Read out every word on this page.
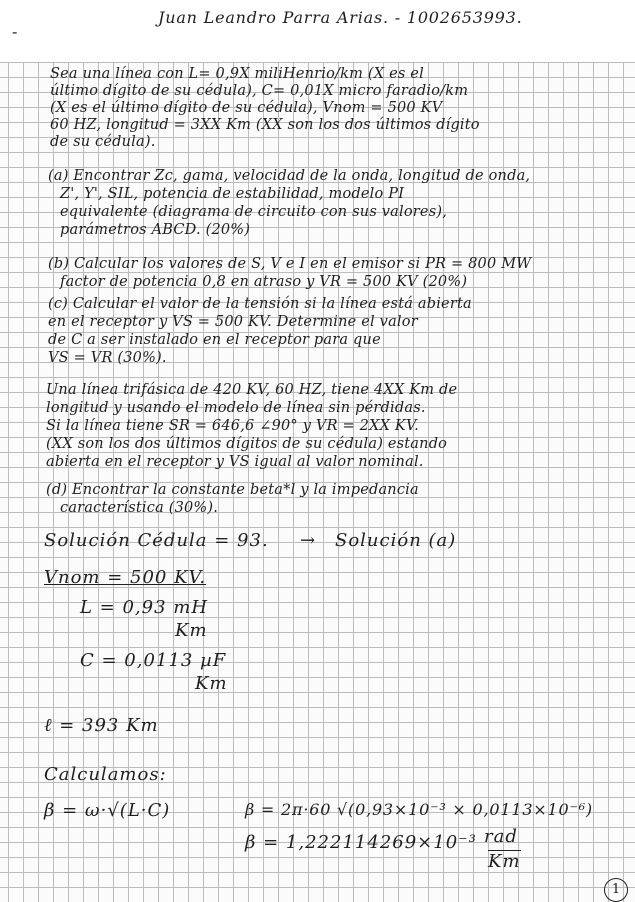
-
Juan Leandro Parra Arias. - 1002653993.
Sea una línea con L= 0,9X miliHenrio/km (X es el
último dígito de su cédula), C= 0,01X micro faradio/km
(X es el último dígito de su cédula), Vnom = 500 KV
60 HZ, longitud = 3XX Km (XX son los dos últimos dígito
de su cédula).
(a) Encontrar Zc, gama, velocidad de la onda, longitud de onda,
Z', Y', SIL, potencia de estabilidad, modelo PI
equivalente (diagrama de circuito con sus valores),
parámetros ABCD. (20%)
(b) Calcular los valores de S, V e I en el emisor si PR = 800 MW
factor de potencia 0,8 en atraso y VR = 500 KV (20%)
(c) Calcular el valor de la tensión si la línea está abierta
en el receptor y VS = 500 KV. Determine el valor
de C a ser instalado en el receptor para que
VS = VR (30%).
Una línea trifásica de 420 KV, 60 HZ, tiene 4XX Km de
longitud y usando el modelo de línea sin pérdidas.
Si la línea tiene SR = 646,6 ∠90° y VR = 2XX KV.
(XX son los dos últimos dígitos de su cédula) estando
abierta en el receptor y VS igual al valor nominal.
(d) Encontrar la constante beta*l y la impedancia
característica (30%).
Solución Cédula = 93. → Solución (a)
Vnom = 500 KV.
L = 0,93 mH
Km
C = 0,0113 µF
Km
ℓ = 393 Km
Calculamos:
β = ω·√(L·C)	β = 2π·60 √(0,93×10⁻³ × 0,0113×10⁻⁶)
β = 1,222114269×10⁻³ rad
Km
1
